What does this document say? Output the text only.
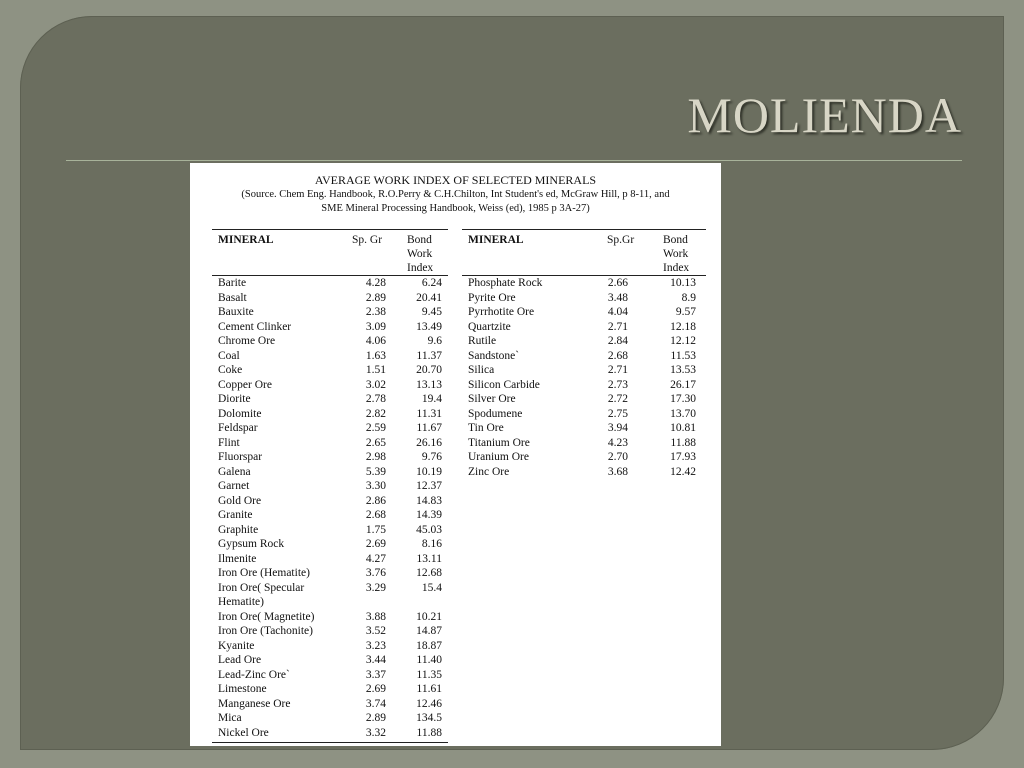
MOLIENDA
AVERAGE WORK INDEX OF SELECTED MINERALS
(Source. Chem Eng. Handbook, R.O.Perry & C.H.Chilton, Int Student's ed, McGraw Hill, p 8-11, and
SME Mineral Processing Handbook, Weiss (ed), 1985 p 3A-27)
MINERAL	Sp. Gr Bond
Work
Index
Barite	4.28	6.24
Basalt	2.89	20.41
Bauxite	2.38	9.45
Cement Clinker	3.09	13.49
Chrome Ore	4.06	9.6
Coal	1.63	11.37
Coke	1.51	20.70
Copper Ore	3.02	13.13
Diorite	2.78	19.4
Dolomite	2.82	11.31
Feldspar	2.59	11.67
Flint	2.65	26.16
Fluorspar	2.98	9.76
Galena	5.39	10.19
Garnet	3.30	12.37
Gold Ore	2.86	14.83
Granite	2.68	14.39
Graphite	1.75	45.03
Gypsum Rock	2.69	8.16
Ilmenite	4.27	13.11
Iron Ore (Hematite)	3.76	12.68
Iron Ore( Specular	3.29	15.4
Hematite)
Iron Ore( Magnetite)	3.88	10.21
Iron Ore (Tachonite)	3.52	14.87
Kyanite	3.23	18.87
Lead Ore	3.44	11.40
Lead-Zinc Ore`	3.37	11.35
Limestone	2.69	11.61
Manganese Ore	3.74	12.46
Mica	2.89	134.5
Nickel Ore	3.32	11.88
MINERAL	Sp.Gr	Bond
Work
Index
Phosphate Rock	2.66	10.13
Pyrite Ore	3.48	8.9
Pyrrhotite Ore	4.04	9.57
Quartzite	2.71	12.18
Rutile	2.84	12.12
Sandstone`	2.68	11.53
Silica	2.71	13.53
Silicon Carbide	2.73	26.17
Silver Ore	2.72	17.30
Spodumene	2.75	13.70
Tin Ore	3.94	10.81
Titanium Ore	4.23	11.88
Uranium Ore	2.70	17.93
Zinc Ore	3.68	12.42
